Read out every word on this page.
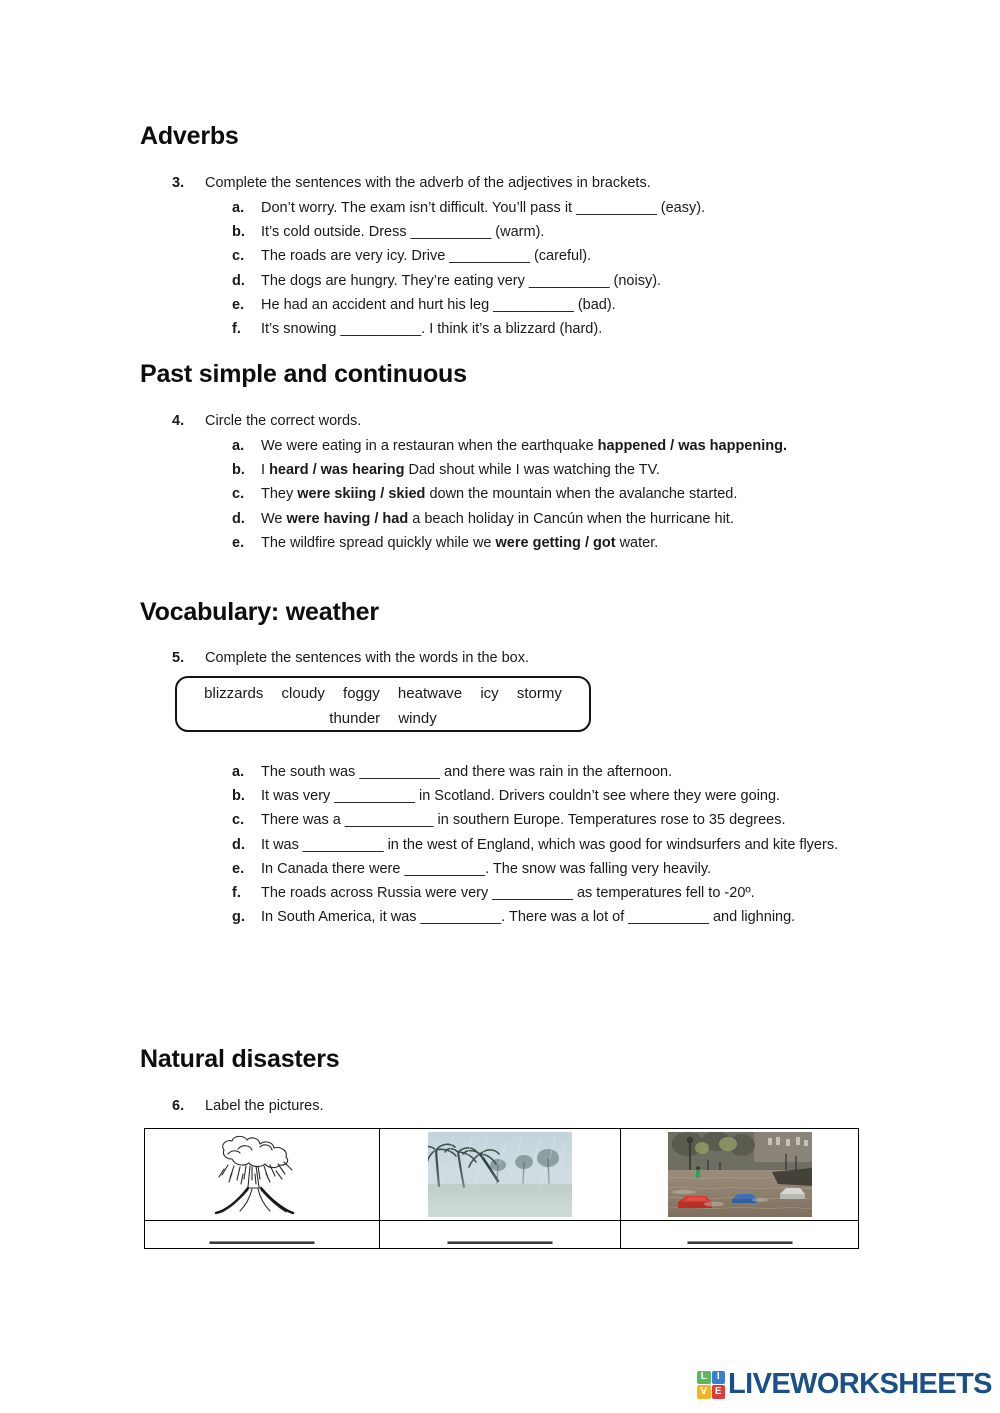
Adverbs
3. Complete the sentences with the adverb of the adjectives in brackets.
a. Don’t worry. The exam isn’t difficult. You’ll pass it __________ (easy).
b. It’s cold outside. Dress __________ (warm).
c. The roads are very icy. Drive __________ (careful).
d. The dogs are hungry. They’re eating very __________ (noisy).
e. He had an accident and hurt his leg __________ (bad).
f. It’s snowing __________. I think it’s a blizzard (hard).
Past simple and continuous
4. Circle the correct words.
a. We were eating in a restauran when the earthquake happened / was happening.
b. I heard / was hearing Dad shout while I was watching the TV.
c. They were skiing / skied down the mountain when the avalanche started.
d. We were having / had a beach holiday in Cancún when the hurricane hit.
e. The wildfire spread quickly while we were getting / got water.
Vocabulary: weather
5. Complete the sentences with the words in the box.
blizzards cloudy foggy heatwave icy stormy
thunder windy
a. The south was __________ and there was rain in the afternoon.
b. It was very __________ in Scotland. Drivers couldn’t see where they were going.
c. There was a ___________ in southern Europe. Temperatures rose to 35 degrees.
d. It was __________ in the west of England, which was good for windsurfers and kite flyers.
e. In Canada there were __________. The snow was falling very heavily.
f. The roads across Russia were very __________ as temperatures fell to -20º.
g. In South America, it was __________. There was a lot of __________ and lighning.
Natural disasters
6. Label the pictures.

L	I
V E LIVEWORKSHEETS
